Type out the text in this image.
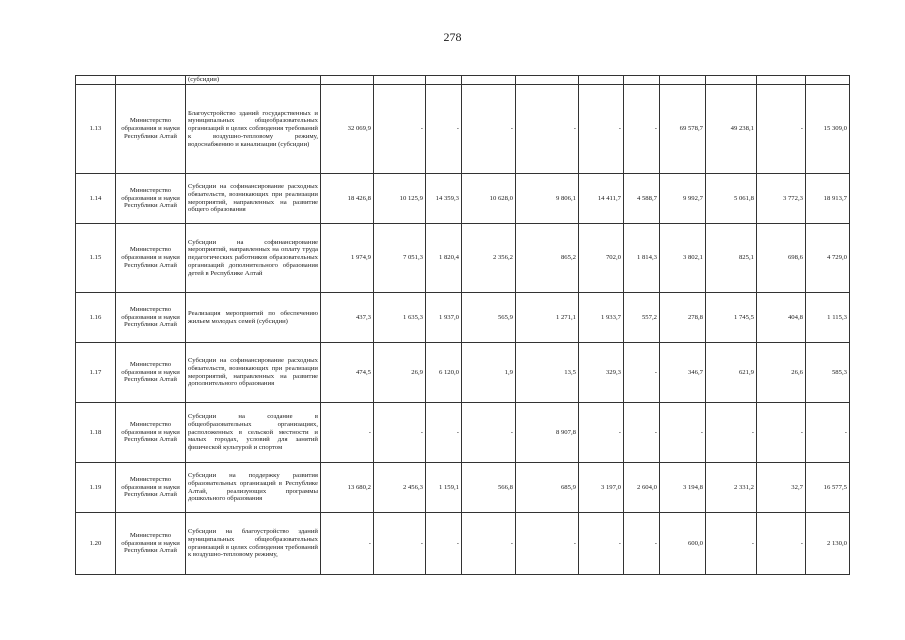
278
		(субсидии)											
1.13	Министерство образования и науки Республики Алтай	Благоустройство зданий государственных и муниципальных общеобразовательных организаций в целях соблюдения требований к воздушно-тепловому режиму, водоснабжению и канализации (субсидии)	32 069,9	-	-	-	-	-	-	69 578,7	49 238,1	-	15 309,0
1.14	Министерство образования и науки Республики Алтай	Субсидии на софинансирование расходных обязательств, возникающих при реализации мероприятий, направленных на развитие общего образования	18 426,8	10 125,9	14 359,3	10 628,0	9 806,1	14 411,7	4 588,7	9 992,7	5 061,8	3 772,3	18 913,7
1.15	Министерство образования и науки Республики Алтай	Субсидии на софинансирование мероприятий, направленных на оплату труда педагогических работников образовательных организаций дополнительного образования детей в Республике Алтай	1 974,9	7 051,3	1 820,4	2 356,2	865,2	702,0	1 814,3	3 802,1	825,1	698,6	4 729,0
1.16	Министерство образования и науки Республики Алтай	Реализация мероприятий по обеспечению жильем молодых семей (субсидии)	437,3	1 635,3	1 937,0	565,9	1 271,1	1 933,7	557,2	278,8	1 745,5	404,8	1 115,3
1.17	Министерство образования и науки Республики Алтай	Субсидии на софинансирование расходных обязательств, возникающих при реализации мероприятий, направленных на развитие дополнительного образования	474,5	26,9	6 120,0	1,9	13,5	329,3	-	346,7	621,9	26,6	585,3
1.18	Министерство образования и науки Республики Алтай	Субсидии на создание в общеобразовательных организациях, расположенных в сельской местности и малых городах, условий для занятий физической культурой и спортом	-	-	-	-	8 907,8	-	-	-	-	-	-
1.19	Министерство образования и науки Республики Алтай	Субсидии на поддержку развития образовательных организаций в Республике Алтай, реализующих программы дошкольного образования	13 680,2	2 456,3	1 159,1	566,8	685,9	3 197,0	2 604,0	3 194,8	2 331,2	32,7	16 577,5
1.20	Министерство образования и науки Республики Алтай	Субсидии на благоустройство зданий муниципальных общеобразовательных организаций в целях соблюдения требований к воздушно-тепловому режиму,	-	-	-	-	-	-	-	600,0	-	-	2 130,0
